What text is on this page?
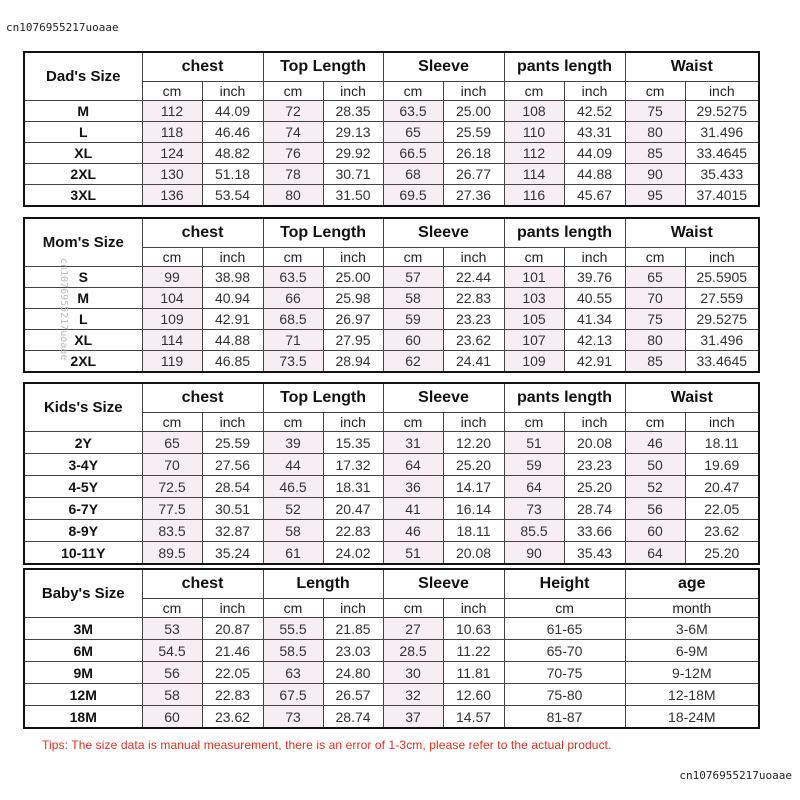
cn1076955217uoaae
cn1076955217uoaae
Dad's Size	chest		Top Length		Sleeve		pants length		Waist	
	cm	inch	cm	inch	cm	inch	cm	inch	cm	inch
M	112	44.09	72	28.35	63.5	25.00	108	42.52	75	29.5275
L	118	46.46	74	29.13	65	25.59	110	43.31	80	31.496
XL	124	48.82	76	29.92	66.5	26.18	112	44.09	85	33.4645
2XL	130	51.18	78	30.71	68	26.77	114	44.88	90	35.433
3XL	136	53.54	80	31.50	69.5	27.36	116	45.67	95	37.4015
Mom's Size	chest		Top Length		Sleeve		pants length		Waist	
	cm	inch	cm	inch	cm	inch	cm	inch	cm	inch
S	99	38.98	63.5	25.00	57	22.44	101	39.76	65	25.5905
M	104	40.94	66	25.98	58	22.83	103	40.55	70	27.559
L	109	42.91	68.5	26.97	59	23.23	105	41.34	75	29.5275
XL	114	44.88	71	27.95	60	23.62	107	42.13	80	31.496
2XL	119	46.85	73.5	28.94	62	24.41	109	42.91	85	33.4645
Kids's Size	chest		Top Length		Sleeve		pants length		Waist	
	cm	inch	cm	inch	cm	inch	cm	inch	cm	inch
2Y	65	25.59	39	15.35	31	12.20	51	20.08	46	18.11
3-4Y	70	27.56	44	17.32	64	25.20	59	23.23	50	19.69
4-5Y	72.5	28.54	46.5	18.31	36	14.17	64	25.20	52	20.47
6-7Y	77.5	30.51	52	20.47	41	16.14	73	28.74	56	22.05
8-9Y	83.5	32.87	58	22.83	46	18.11	85.5	33.66	60	23.62
10-11Y	89.5	35.24	61	24.02	51	20.08	90	35.43	64	25.20
Baby's Size	chest		Length		Sleeve		Height	age
	cm	inch	cm	inch	cm	inch	cm	month
3M	53	20.87	55.5	21.85	27	10.63	61-65	3-6M
6M	54.5	21.46	58.5	23.03	28.5	11.22	65-70	6-9M
9M	56	22.05	63	24.80	30	11.81	70-75	9-12M
12M	58	22.83	67.5	26.57	32	12.60	75-80	12-18M
18M	60	23.62	73	28.74	37	14.57	81-87	18-24M
cn1076955217uoaae
Tips: The size data is manual measurement, there is an error of 1-3cm, please refer to the actual product.
